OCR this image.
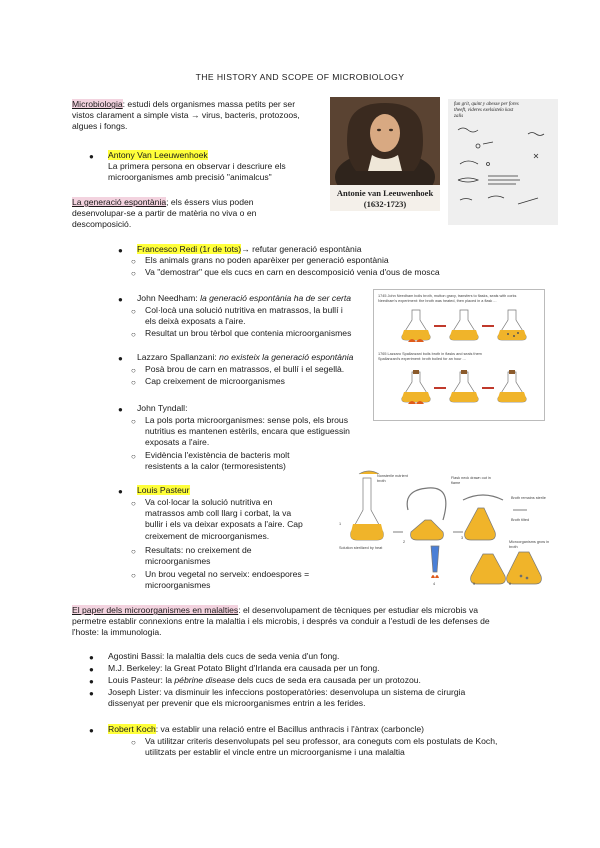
THE HISTORY AND SCOPE OF MICROBIOLOGY

Microbiologia: estudi dels organismes massa petits per ser

vistos clarament a simple vista → virus, bacteris, protozoos,

algues i fongs.

● Antony Van Leeuwenhoek

La primera persona en observar i descriure els

microorganismes amb precisió "animalcus"

Antonie van Leeuwenhoek
(1632-1723)
fun grit, quint y abesse per fores
theeft, videres exelsistelo kast
zalis

La generació espontània; els éssers vius poden

desenvolupar-se a partir de matèria no viva o en

descomposició.

● Francesco Redi (1r de tots)→ refutar generació espontània

○ Els animals grans no poden aparèixer per generació espontània
○ Va "demostrar" que els cucs en carn en descomposició venia d'ous de mosca
● John Needham: la generació espontània ha de ser certa

○ Col·locà una solució nutritiva en matrassos, la bullí i

els deixà exposats a l'aire.

○ Resultat un brou tèrbol que contenia microorganismes
● Lazzaro Spallanzani: no existeix la generació espontània

○ Posà brou de carn en matrassos, el bullí i el segellà.
○ Cap creixement de microorganismes
1745 John Needham boils broth, mutton gravy, transfers to flasks, seals with corks
Needham's experiment: the broth was heated, then placed in a flask ...
1765 Lazzaro Spallanzani boils broth in flasks and seals them
Spallanzani's experiment: broth boiled for an hour ...
● John Tyndall:
○ La pols porta microorganismes: sense pols, els brous

nutritius es mantenen estèrils, encara que estiguessin

exposats a l'aire.

○ Evidència l'existència de bacteris molt

resistents a la calor (termoresistents)

● Louis Pasteur

○ Va col·locar la solució nutritiva en

matrassos amb coll llarg i corbat, la va

bullir i els va deixar exposats a l'aire. Cap

creixement de microorganismes.

○ Resultats: no creixement de

microorganismes

○ Un brou vegetal no serveix: endoespores =

microorganismes

1
2
3
4	5	6
Nonsterile nutrient broth
Flask neck drawn out in flame
Solution sterilized by heat
Broth remains sterile
Broth tilted
Microorganisms grow in broth

El paper dels microorganismes en malalties: el desenvolupament de tècniques per estudiar els microbis va

permetre establir connexions entre la malaltia i els microbis, i després va conduir a l'estudi de les defenses de

l'hoste: la immunologia.

● Agostini Bassi: la malaltia dels cucs de seda venia d'un fong.
● M.J. Berkeley: la Great Potato Blight d'Irlanda era causada per un fong.
● Louis Pasteur: la pébrine disease dels cucs de seda era causada per un protozou.
● Joseph Lister: va disminuir les infeccions postoperatòries: desenvolupa un sistema de cirurgia

dissenyat per prevenir que els microorganismes entrin a les ferides.

● Robert Koch: va establir una relació entre el Bacillus anthracis i l'àntrax (carboncle)

○ Va utilitzar criteris desenvolupats pel seu professor, ara coneguts com els postulats de Koch,

utilitzats per establir el vincle entre un microorganisme i una malaltia
